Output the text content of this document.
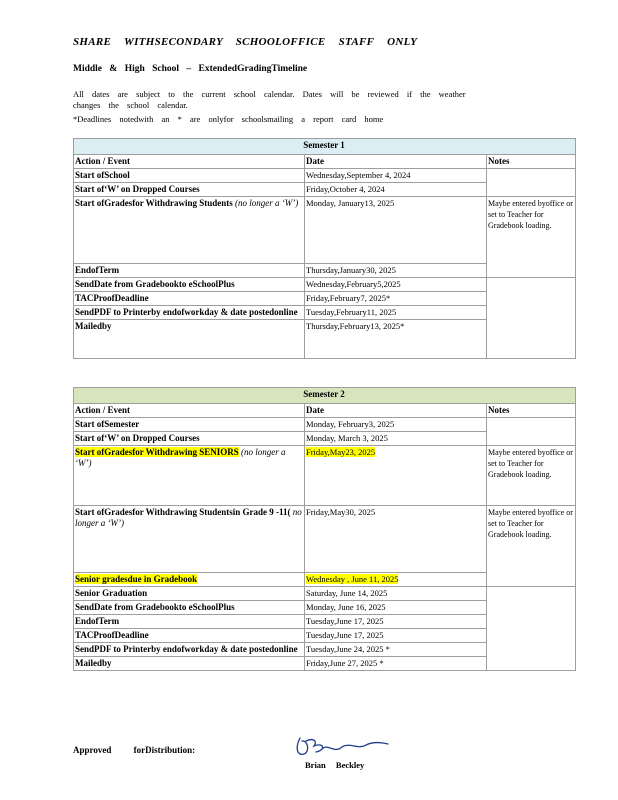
SHARE WITHSECONDARY SCHOOLOFFICE STAFF ONLY
Middle & High School – ExtendedGradingTimeline
All dates are subject to the current school calendar. Dates will be reviewed if the weather
changes the school calendar.
*Deadlines notedwith an * are onlyfor schoolsmailing a report card home
Semester 1		
Action / Event	Date	Notes
Start ofSchool	Wednesday,September 4, 2024	
Start of‘W’ on Dropped Courses	Friday,October 4, 2024	
Start ofGradesfor Withdrawing Students (no longer a ‘W’)	Monday, January13, 2025	Maybe entered byoffice or set to Teacher for Gradebook loading.
EndofTerm	Thursday,January30, 2025	
SendDate from Gradebookto eSchoolPlus	Wednesday,February5,2025	
TACProofDeadline	Friday,February7, 2025*	
SendPDF to Printerby endofworkday & date postedonline	Tuesday,February11, 2025	
Mailedby	Thursday,February13, 2025*	
Semester 2		
Action / Event	Date	Notes
Start ofSemester	Monday, February3, 2025	
Start of‘W’ on Dropped Courses	Monday, March 3, 2025	
Start ofGradesfor Withdrawing SENIORS (no longer a ‘W’)	Friday,May23, 2025	Maybe entered byoffice or set to Teacher for Gradebook loading.
Start ofGradesfor Withdrawing Studentsin Grade 9 -11( no longer a ‘W’)	Friday,May30, 2025	Maybe entered byoffice or set to Teacher for Gradebook loading.
Senior gradesdue in Gradebook	Wednesday , June 11, 2025	
Senior Graduation	Saturday, June 14, 2025	
SendDate from Gradebookto eSchoolPlus	Monday, June 16, 2025	
EndofTerm	Tuesday,June 17, 2025	
TACProofDeadline	Tuesday,June 17, 2025	
SendPDF to Printerby endofworkday & date postedonline	Tuesday,June 24, 2025 *	
Mailedby	Friday,June 27, 2025 *	
Approved forDistribution:
Brian Beckley
